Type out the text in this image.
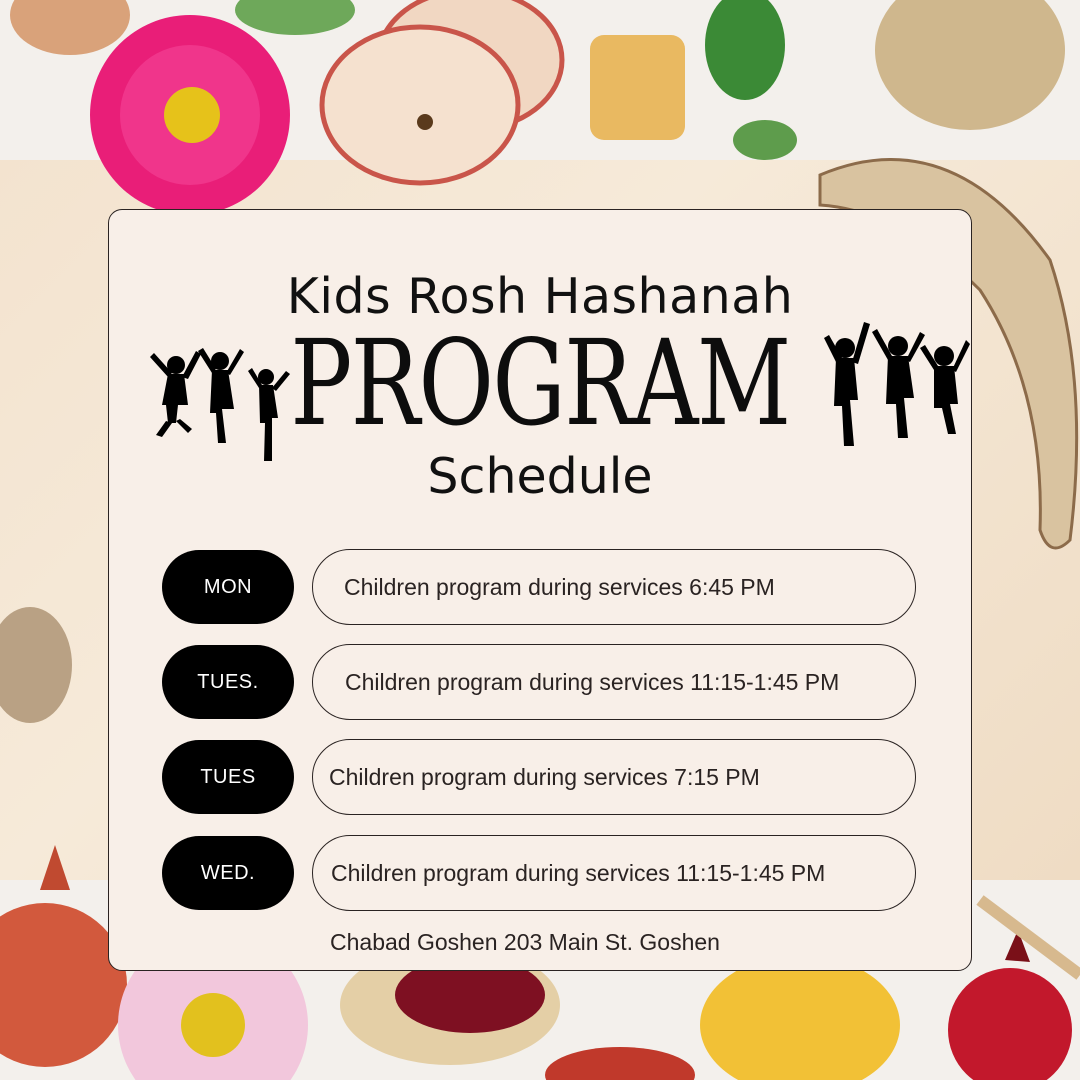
Kids Rosh Hashanah
PROGRAM
Schedule
MON	Children program during services 6:45 PM
TUES.	Children program during services 11:15-1:45 PM
TUES	Children program during services 7:15 PM
WED.	Children program during services 11:15-1:45 PM
Chabad Goshen 203 Main St. Goshen
